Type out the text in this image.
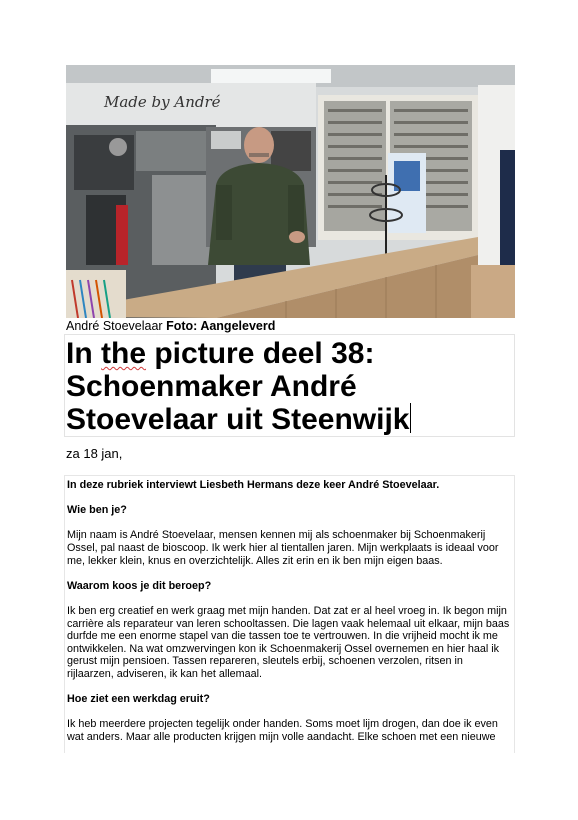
Made by André
André Stoevelaar Foto: Aangeleverd
In the picture deel 38:
Schoenmaker André
Stoevelaar uit Steenwijk
za 18 jan,

In deze rubriek interviewt Liesbeth Hermans deze keer André Stoevelaar.

Wie ben je?

Mijn naam is André Stoevelaar, mensen kennen mij als schoenmaker bij Schoenmakerij Ossel, pal naast de bioscoop. Ik werk hier al tientallen jaren. Mijn werkplaats is ideaal voor me, lekker klein, knus en overzichtelijk. Alles zit erin en ik ben mijn eigen baas.

Waarom koos je dit beroep?

Ik ben erg creatief en werk graag met mijn handen. Dat zat er al heel vroeg in. Ik begon mijn carrière als reparateur van leren schooltassen. Die lagen vaak helemaal uit elkaar, mijn baas durfde me een enorme stapel van die tassen toe te vertrouwen. In die vrijheid mocht ik me ontwikkelen. Na wat omzwervingen kon ik Schoenmakerij Ossel overnemen en hier haal ik gerust mijn pensioen. Tassen repareren, sleutels erbij, schoenen verzolen, ritsen in rijlaarzen, adviseren, ik kan het allemaal.

Hoe ziet een werkdag eruit?

Ik heb meerdere projecten tegelijk onder handen. Soms moet lijm drogen, dan doe ik even wat anders. Maar alle producten krijgen mijn volle aandacht. Elke schoen met een nieuwe
